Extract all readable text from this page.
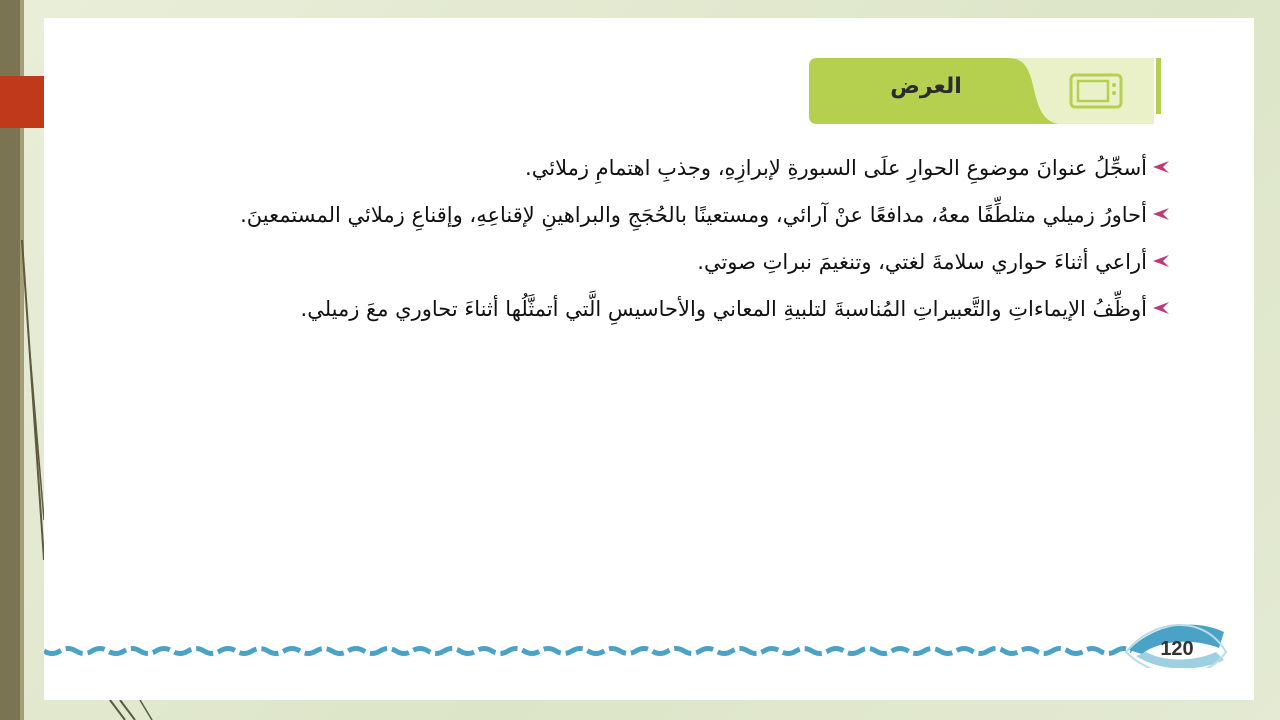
العرض
أسجِّلُ عنوانَ موضوعِ الحوارِ علَى السبورةِ لإبرازِهِ، وجذبِ اهتمامِ زملائي.
أحاورُ زميلي متلطِّفًا معهُ، مدافعًا عنْ آرائي، ومستعينًا بالحُجَجِ والبراهينِ لإقناعِهِ، وإقناعِ زملائي المستمعينَ.
أراعي أثناءَ حواري سلامةَ لغتي، وتنغيمَ نبراتِ صوتي.
أوظِّفُ الإيماءاتِ والتَّعبيراتِ المُناسبةَ لتلبيةِ المعاني والأحاسيسِ الَّتي أتمثَّلُها أثناءَ تحاوري معَ زميلي.
120
